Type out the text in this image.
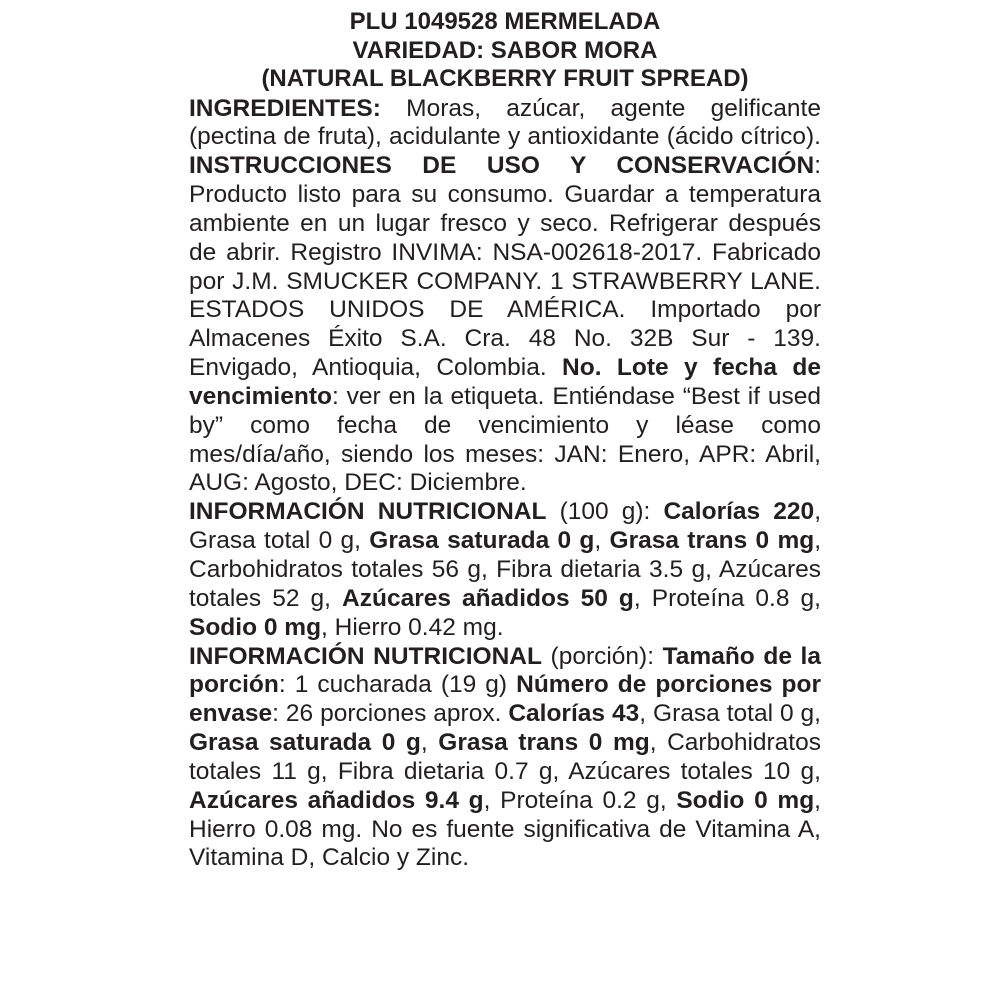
PLU 1049528 MERMELADA

VARIEDAD: SABOR MORA

(NATURAL BLACKBERRY FRUIT SPREAD)

INGREDIENTES: Moras, azúcar, agente gelificante (pectina de fruta), acidulante y antioxidante (ácido cítrico). INSTRUCCIONES DE USO Y CONSERVACIÓN: Producto listo para su consumo. Guardar a temperatura ambiente en un lugar fresco y seco. Refrigerar después de abrir. Registro INVIMA: NSA-002618-2017. Fabricado por J.M. SMUCKER COMPANY. 1 STRAWBERRY LANE. ESTADOS UNIDOS DE AMÉRICA. Importado por Almacenes Éxito S.A. Cra. 48 No. 32B Sur - 139. Envigado, Antioquia, Colombia. No. Lote y fecha de vencimiento: ver en la etiqueta. Entiéndase “Best if used by” como fecha de vencimiento y léase como mes/día/año, siendo los meses: JAN: Enero, APR: Abril, AUG: Agosto, DEC: Diciembre.

INFORMACIÓN NUTRICIONAL (100 g): Calorías 220, Grasa total 0 g, Grasa saturada 0 g, Grasa trans 0 mg, Carbohidratos totales 56 g, Fibra dietaria 3.5 g, Azúcares totales 52 g, Azúcares añadidos 50 g, Proteína 0.8 g, Sodio 0 mg, Hierro 0.42 mg.

INFORMACIÓN NUTRICIONAL (porción): Tamaño de la porción: 1 cucharada (19 g) Número de porciones por envase: 26 porciones aprox. Calorías 43, Grasa total 0 g, Grasa saturada 0 g, Grasa trans 0 mg, Carbohidratos totales 11 g, Fibra dietaria 0.7 g, Azúcares totales 10 g, Azúcares añadidos 9.4 g, Proteína 0.2 g, Sodio 0 mg, Hierro 0.08 mg. No es fuente significativa de Vitamina A, Vitamina D, Calcio y Zinc.
